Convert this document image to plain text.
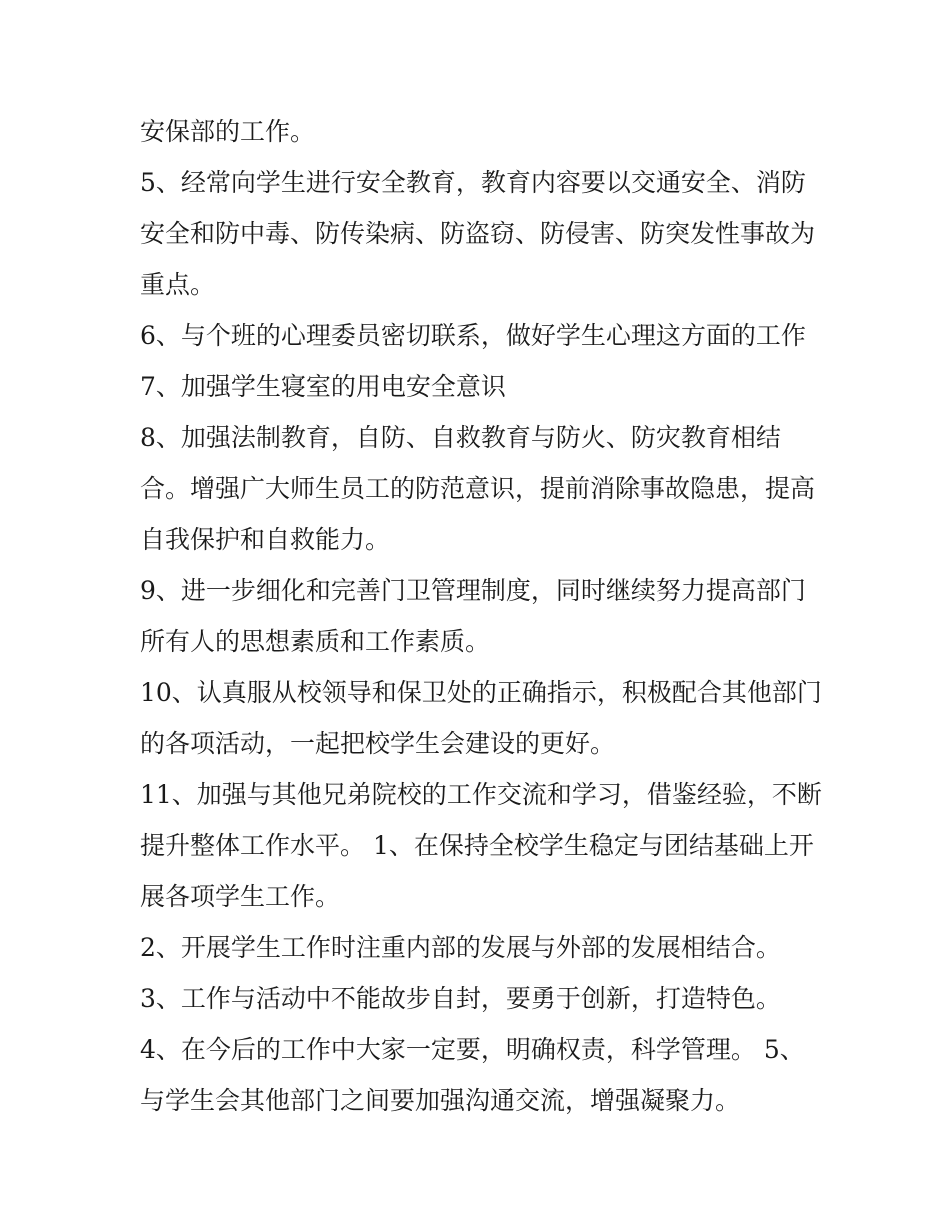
安保部的工作。
5、经常向学生进行安全教育，教育内容要以交通安全、消防
安全和防中毒、防传染病、防盗窃、防侵害、防突发性事故为
重点。
6、与个班的心理委员密切联系，做好学生心理这方面的工作
7、加强学生寝室的用电安全意识
8、加强法制教育，自防、自救教育与防火、防灾教育相结
合。增强广大师生员工的防范意识，提前消除事故隐患，提高
自我保护和自救能力。
9、进一步细化和完善门卫管理制度，同时继续努力提高部门
所有人的思想素质和工作素质。
10、认真服从校领导和保卫处的正确指示，积极配合其他部门
的各项活动，一起把校学生会建设的更好。
11、加强与其他兄弟院校的工作交流和学习，借鉴经验，不断
提升整体工作水平。 1、在保持全校学生稳定与团结基础上开
展各项学生工作。
2、开展学生工作时注重内部的发展与外部的发展相结合。
3、工作与活动中不能故步自封，要勇于创新，打造特色。
4、在今后的工作中大家一定要，明确权责，科学管理。 5、
与学生会其他部门之间要加强沟通交流，增强凝聚力。
